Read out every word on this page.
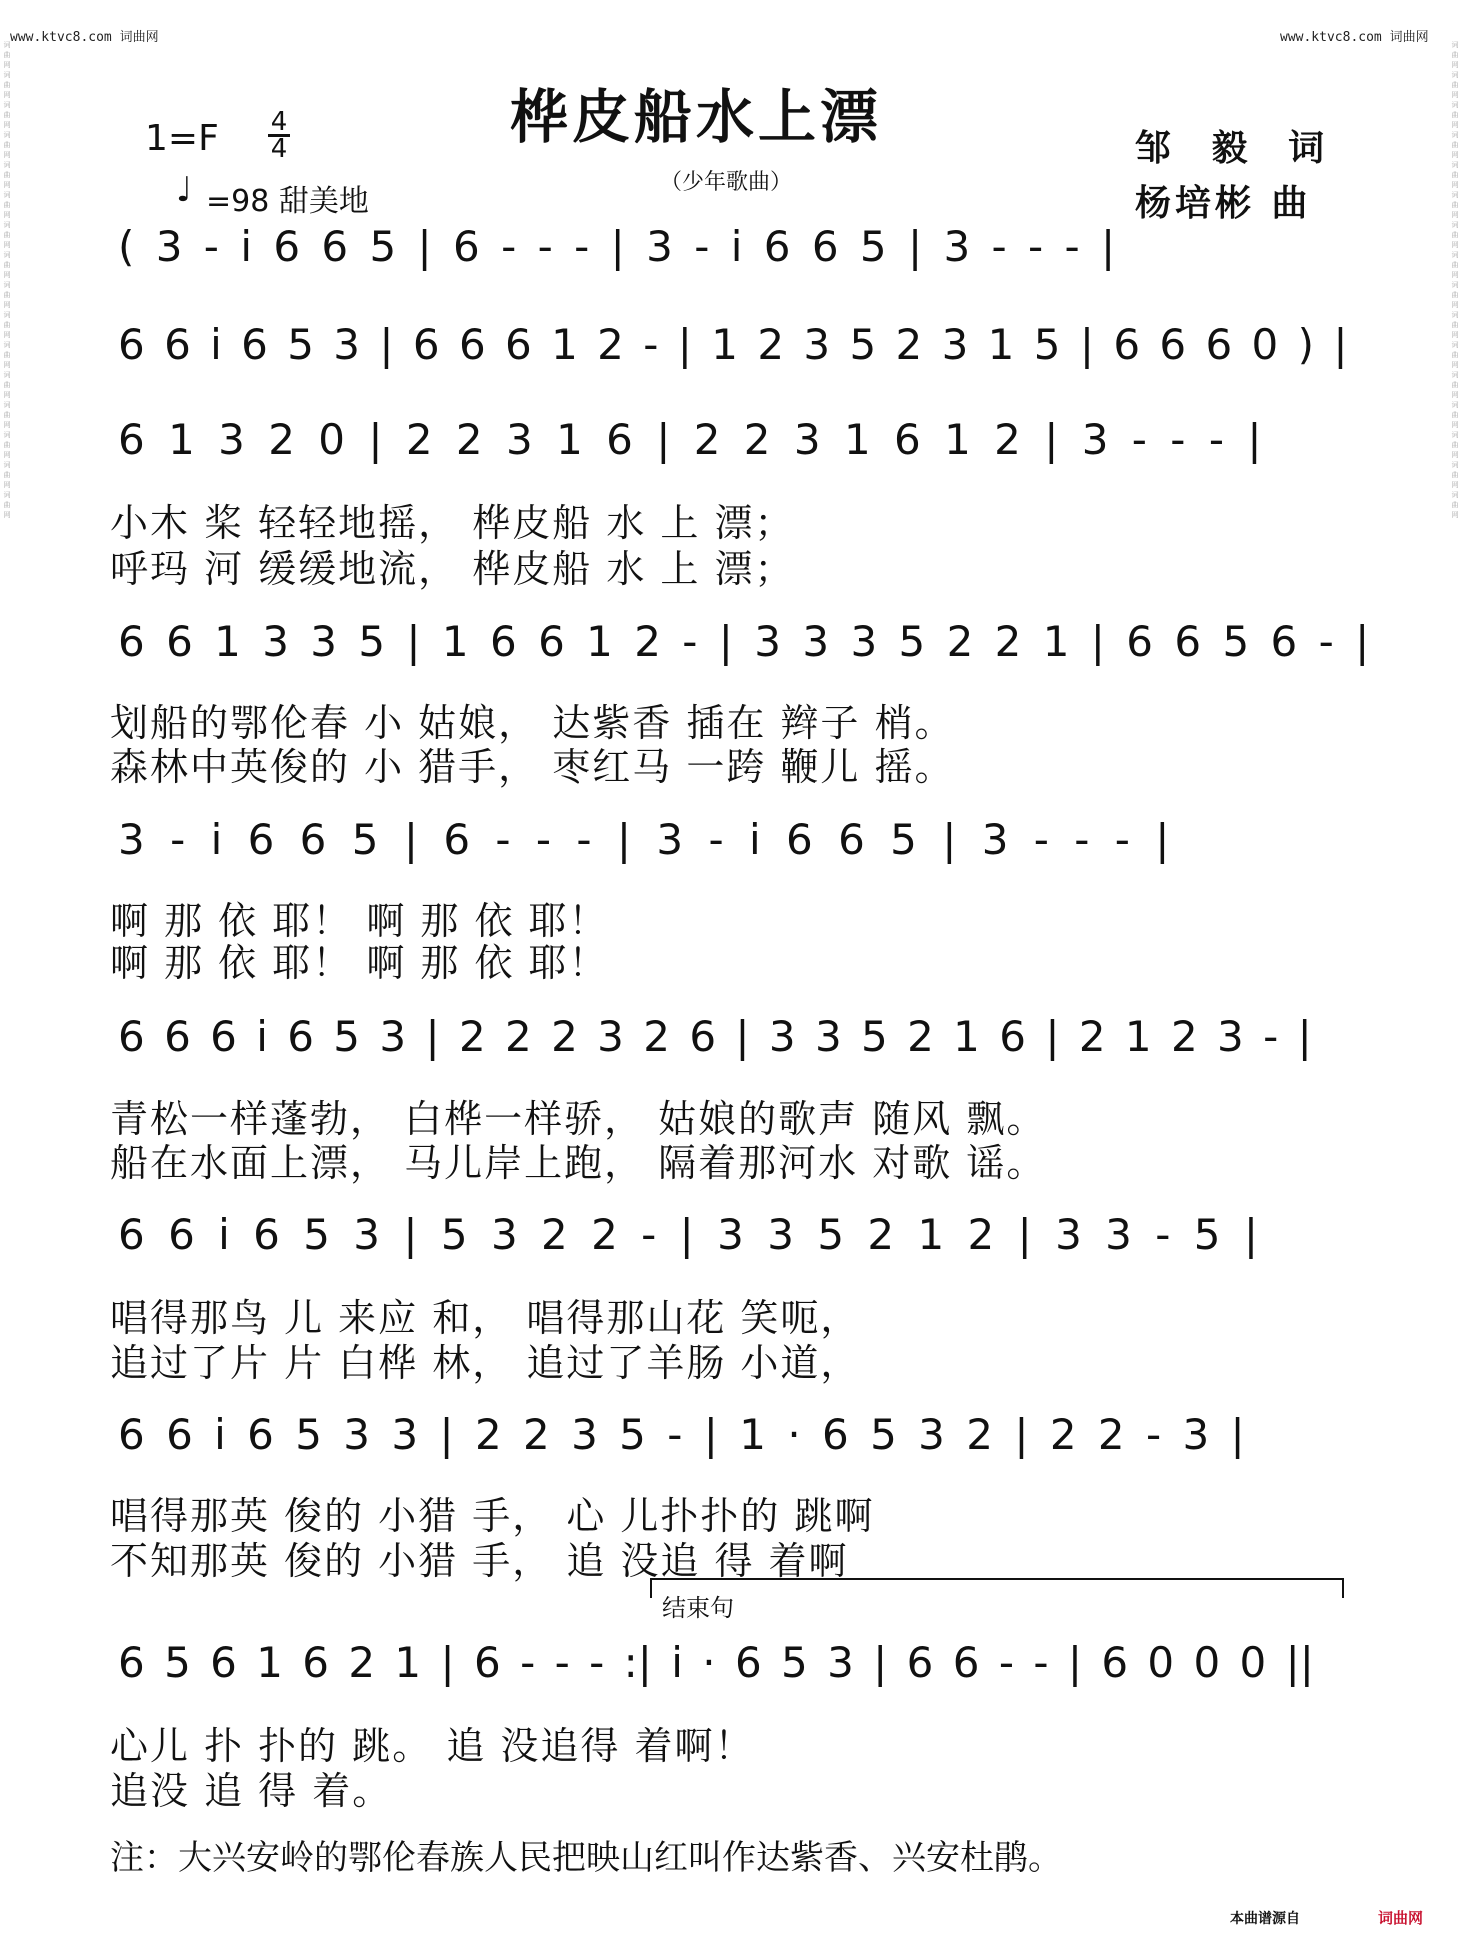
www.ktvc8.com 词曲网	www.ktvc8.com 词曲网
词曲网词曲网词曲网词曲网词曲网词曲网词曲网词曲网词曲网词曲网词曲网词曲网词曲网词曲网词曲网词曲网
词曲网词曲网词曲网词曲网词曲网词曲网词曲网词曲网词曲网词曲网词曲网词曲网词曲网词曲网词曲网词曲网
桦皮船水上漂
（少年歌曲）
1=F 4
4
♩ =98 甜美地
邹 毅 词
杨培彬 曲
( 3 - i 6 6 5 | 6 - - - | 3 - i 6 6 5 | 3 - - - |
6 6 i 6 5 3 | 6 6 6 1 2 - | 1 2 3 5 2 3 1 5 | 6 6 6 0 ) |
6 1 3 2 0 | 2 2 3 1 6 | 2 2 3 1 6 1 2 | 3 - - - |
小木 桨 轻轻地摇， 桦皮船 水 上 漂；
呼玛 河 缓缓地流， 桦皮船 水 上 漂；
6 6 1 3 3 5 | 1 6 6 1 2 - | 3 3 3 5 2 2 1 | 6 6 5 6 - |
划船的鄂伦春 小 姑娘， 达紫香 插在 辫子 梢。
森林中英俊的 小 猎手， 枣红马 一跨 鞭儿 摇。
3 - i 6 6 5 | 6 - - - | 3 - i 6 6 5 | 3 - - - |
啊 那 依 耶！ 啊 那 依 耶！
啊 那 依 耶！ 啊 那 依 耶！
6 6 6 i 6 5 3 | 2 2 2 3 2 6 | 3 3 5 2 1 6 | 2 1 2 3 - |
青松一样蓬勃， 白桦一样骄， 姑娘的歌声 随风 飘。
船在水面上漂， 马儿岸上跑， 隔着那河水 对歌 谣。
6 6 i 6 5 3 | 5 3 2 2 - | 3 3 5 2 1 2 | 3 3 - 5 |
唱得那鸟 儿 来应 和， 唱得那山花 笑呃，
追过了片 片 白桦 林， 追过了羊肠 小道，
6 6 i 6 5 3 3 | 2 2 3 5 - | 1 · 6 5 3 2 | 2 2 - 3 |
唱得那英 俊的 小猎 手， 心 儿扑扑的 跳啊
不知那英 俊的 小猎 手， 追 没追 得 着啊
结束句
6 5 6 1 6 2 1 | 6 - - - :| i · 6 5 3 | 6 6 - - | 6 0 0 0 ||
心儿 扑 扑的 跳。 追 没追得 着啊！
追没 追 得 着。
注：大兴安岭的鄂伦春族人民把映山红叫作达紫香、兴安杜鹃。
本曲谱源自	词曲网
